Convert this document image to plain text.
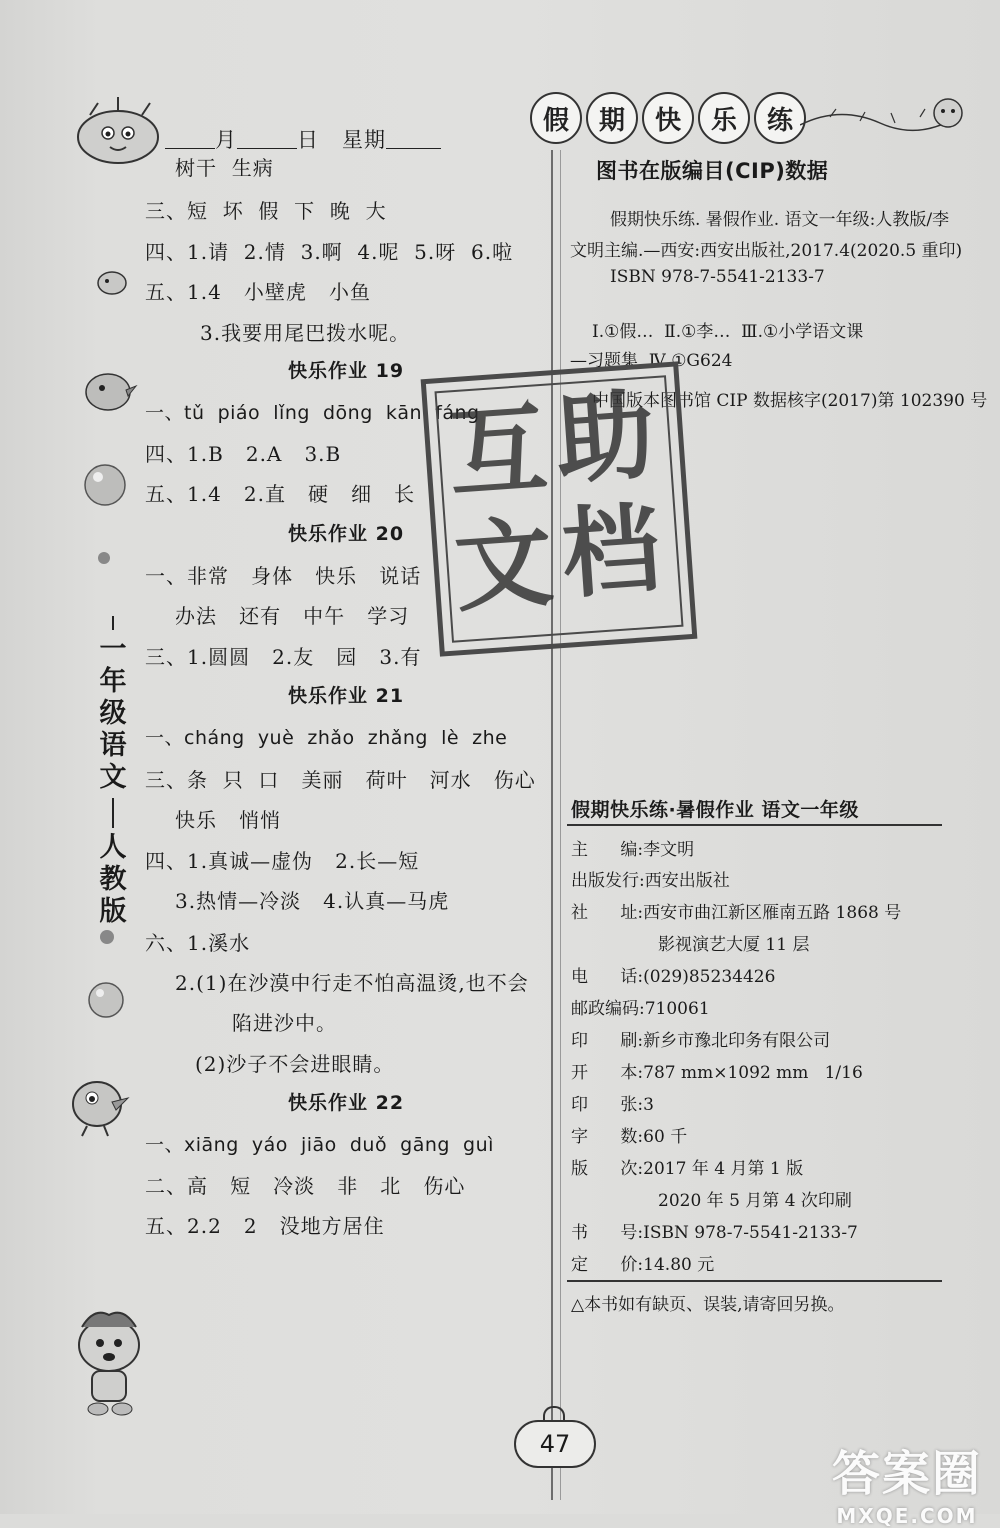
月	日 星期
假	期	快	乐	练
一
年
级
语
文
人
教
版
树干  生病
三、短  坏  假  下  晚  大
四、1.请  2.情  3.啊  4.呢  5.呀  6.啦
五、1.4   小壁虎   小鱼
3.我要用尾巴拨水呢。
快乐作业 19
一、tǔ  piáo  lǐng  dōng  kān  fáng
四、1.B   2.A   3.B
五、1.4   2.直   硬   细   长
快乐作业 20
一、非常   身体   快乐   说话
办法   还有   中午   学习
三、1.圆圆   2.友   园   3.有
快乐作业 21
一、cháng  yuè  zhǎo  zhǎng  lè  zhe
三、条  只  口   美丽   荷叶   河水   伤心
快乐   悄悄
四、1.真诚—虚伪   2.长—短
3.热情—冷淡   4.认真—马虎
六、1.溪水
2.(1)在沙漠中行走不怕高温烫,也不会
陷进沙中。
(2)沙子不会进眼睛。
快乐作业 22
一、xiāng  yáo  jiāo  duǒ  gāng  guì
二、高   短   冷淡   非   北   伤心
五、2.2   2   没地方居住
图书在版编目(CIP)数据
假期快乐练. 暑假作业. 语文一年级:人教版/李
文明主编.—西安:西安出版社,2017.4(2020.5 重印)
ISBN 978-7-5541-2133-7
Ⅰ.①假…  Ⅱ.①李…  Ⅲ.①小学语文课
—习题集  Ⅳ.①G624
中国版本图书馆 CIP 数据核字(2017)第 102390 号
互 助
文 档
假期快乐练·暑假作业 语文一年级
主      编:李文明
出版发行:西安出版社
社      址:西安市曲江新区雁南五路 1868 号
影视演艺大厦 11 层
电      话:(029)85234426
邮政编码:710061
印      刷:新乡市豫北印务有限公司
开      本:787 mm×1092 mm   1/16
印      张:3
字      数:60 千
版      次:2017 年 4 月第 1 版
2020 年 5 月第 4 次印刷
书      号:ISBN 978-7-5541-2133-7
定      价:14.80 元
△本书如有缺页、误装,请寄回另换。
47
答案圈
MXQE.COM
